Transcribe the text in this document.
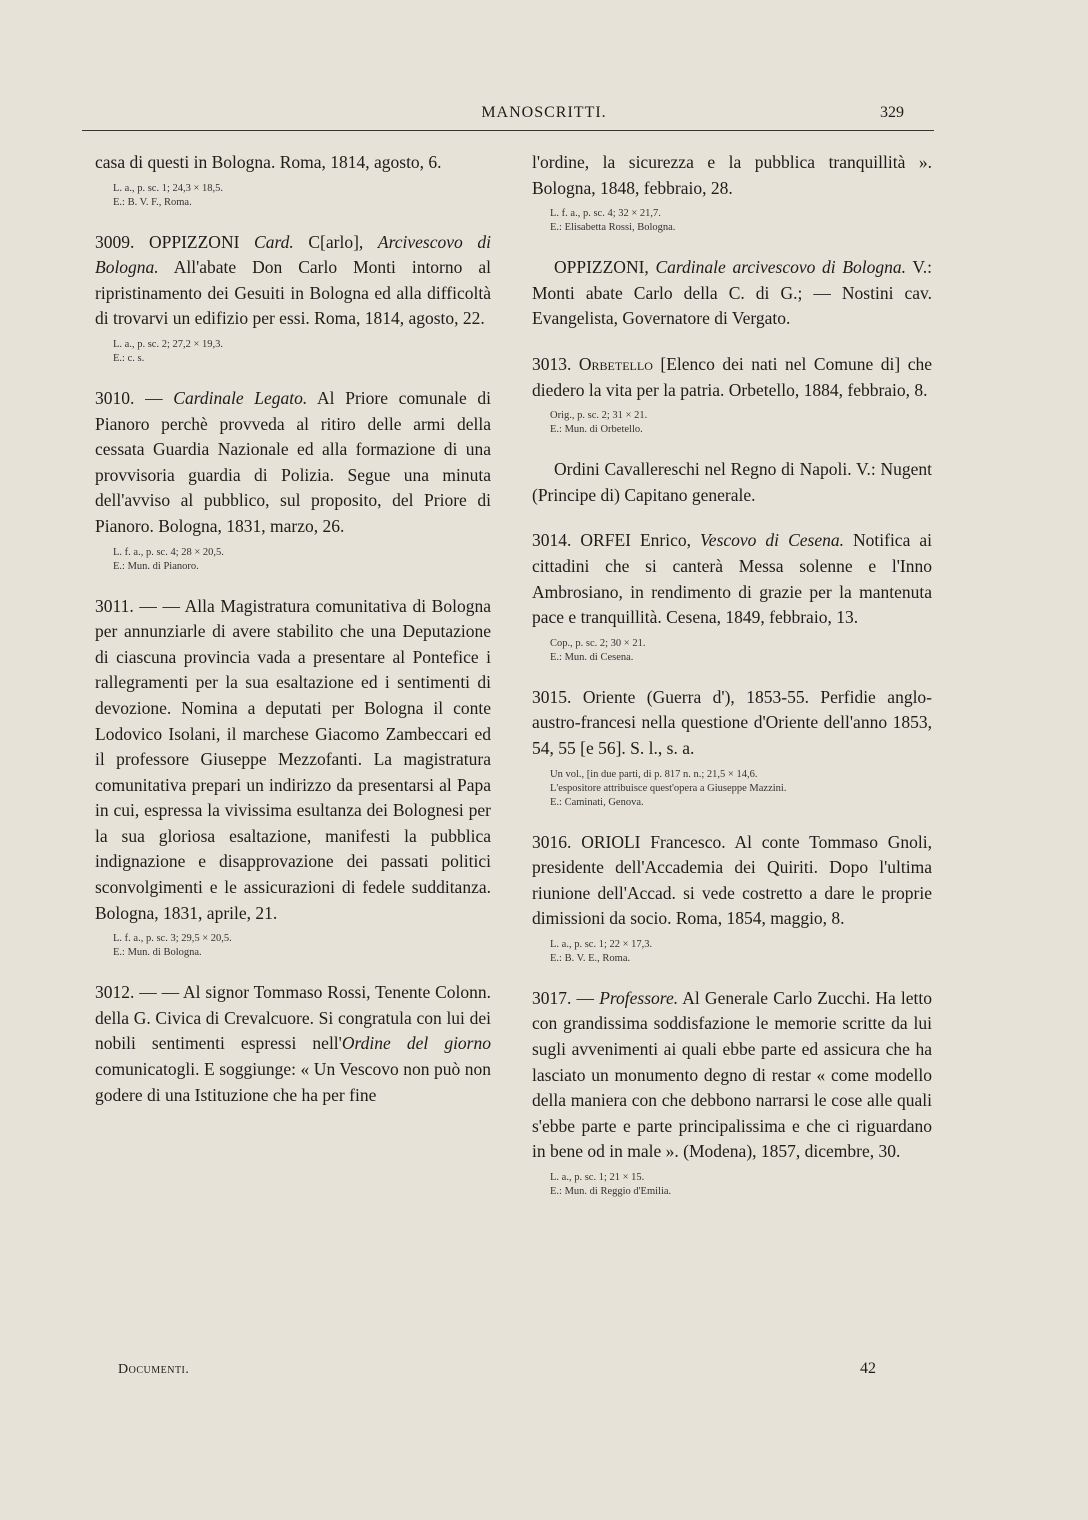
MANOSCRITTI.	329

casa di questi in Bologna. Roma, 1814, agosto, 6.

L. a., p. sc. 1; 24,3 × 18,5.
E.: B. V. F., Roma.

3009. OPPIZZONI Card. C[arlo], Arcivescovo di Bologna. All'abate Don Carlo Monti intorno al ripristinamento dei Gesuiti in Bologna ed alla difficoltà di trovarvi un edifizio per essi. Roma, 1814, agosto, 22.

L. a., p. sc. 2; 27,2 × 19,3.
E.: c. s.

3010. — Cardinale Legato. Al Priore comunale di Pianoro perchè provveda al ritiro delle armi della cessata Guardia Nazionale ed alla formazione di una provvisoria guardia di Polizia. Segue una minuta dell'avviso al pubblico, sul proposito, del Priore di Pianoro. Bologna, 1831, marzo, 26.

L. f. a., p. sc. 4; 28 × 20,5.
E.: Mun. di Pianoro.

3011. — — Alla Magistratura comunitativa di Bologna per annunziarle di avere stabilito che una Deputazione di ciascuna provincia vada a presentare al Pontefice i rallegramenti per la sua esaltazione ed i sentimenti di devozione. Nomina a deputati per Bologna il conte Lodovico Isolani, il marchese Giacomo Zambeccari ed il professore Giuseppe Mezzofanti. La magistratura comunitativa prepari un indirizzo da presentarsi al Papa in cui, espressa la vivissima esultanza dei Bolognesi per la sua gloriosa esaltazione, manifesti la pubblica indignazione e disapprovazione dei passati politici sconvolgimenti e le assicurazioni di fedele sudditanza. Bologna, 1831, aprile, 21.

L. f. a., p. sc. 3; 29,5 × 20,5.
E.: Mun. di Bologna.

3012. — — Al signor Tommaso Rossi, Tenente Colonn. della G. Civica di Crevalcuore. Si congratula con lui dei nobili sentimenti espressi nell'Ordine del giorno comunicatogli. E soggiunge: « Un Vescovo non può non godere di una Istituzione che ha per fine

l'ordine, la sicurezza e la pubblica tranquillità ». Bologna, 1848, febbraio, 28.

L. f. a., p. sc. 4; 32 × 21,7.
E.: Elisabetta Rossi, Bologna.

OPPIZZONI, Cardinale arcivescovo di Bologna. V.: Monti abate Carlo della C. di G.; — Nostini cav. Evangelista, Governatore di Vergato.

3013. Orbetello [Elenco dei nati nel Comune di] che diedero la vita per la patria. Orbetello, 1884, febbraio, 8.

Orig., p. sc. 2; 31 × 21.
E.: Mun. di Orbetello.

Ordini Cavallereschi nel Regno di Napoli. V.: Nugent (Principe di) Capitano generale.

3014. ORFEI Enrico, Vescovo di Cesena. Notifica ai cittadini che si canterà Messa solenne e l'Inno Ambrosiano, in rendimento di grazie per la mantenuta pace e tranquillità. Cesena, 1849, febbraio, 13.

Cop., p. sc. 2; 30 × 21.
E.: Mun. di Cesena.

3015. Oriente (Guerra d'), 1853-55. Perfidie anglo-austro-francesi nella questione d'Oriente dell'anno 1853, 54, 55 [e 56]. S. l., s. a.

Un vol., [in due parti, di p. 817 n. n.; 21,5 × 14,6.
L'espositore attribuisce quest'opera a Giuseppe Mazzini.
E.: Caminati, Genova.

3016. ORIOLI Francesco. Al conte Tommaso Gnoli, presidente dell'Accademia dei Quiriti. Dopo l'ultima riunione dell'Accad. si vede costretto a dare le proprie dimissioni da socio. Roma, 1854, maggio, 8.

L. a., p. sc. 1; 22 × 17,3.
E.: B. V. E., Roma.

3017. — Professore. Al Generale Carlo Zucchi. Ha letto con grandissima soddisfazione le memorie scritte da lui sugli avvenimenti ai quali ebbe parte ed assicura che ha lasciato un monumento degno di restar « come modello della maniera con che debbono narrarsi le cose alle quali s'ebbe parte e parte principalissima e che ci riguardano in bene od in male ». (Modena), 1857, dicembre, 30.

L. a., p. sc. 1; 21 × 15.
E.: Mun. di Reggio d'Emilia.
Documenti.	42
